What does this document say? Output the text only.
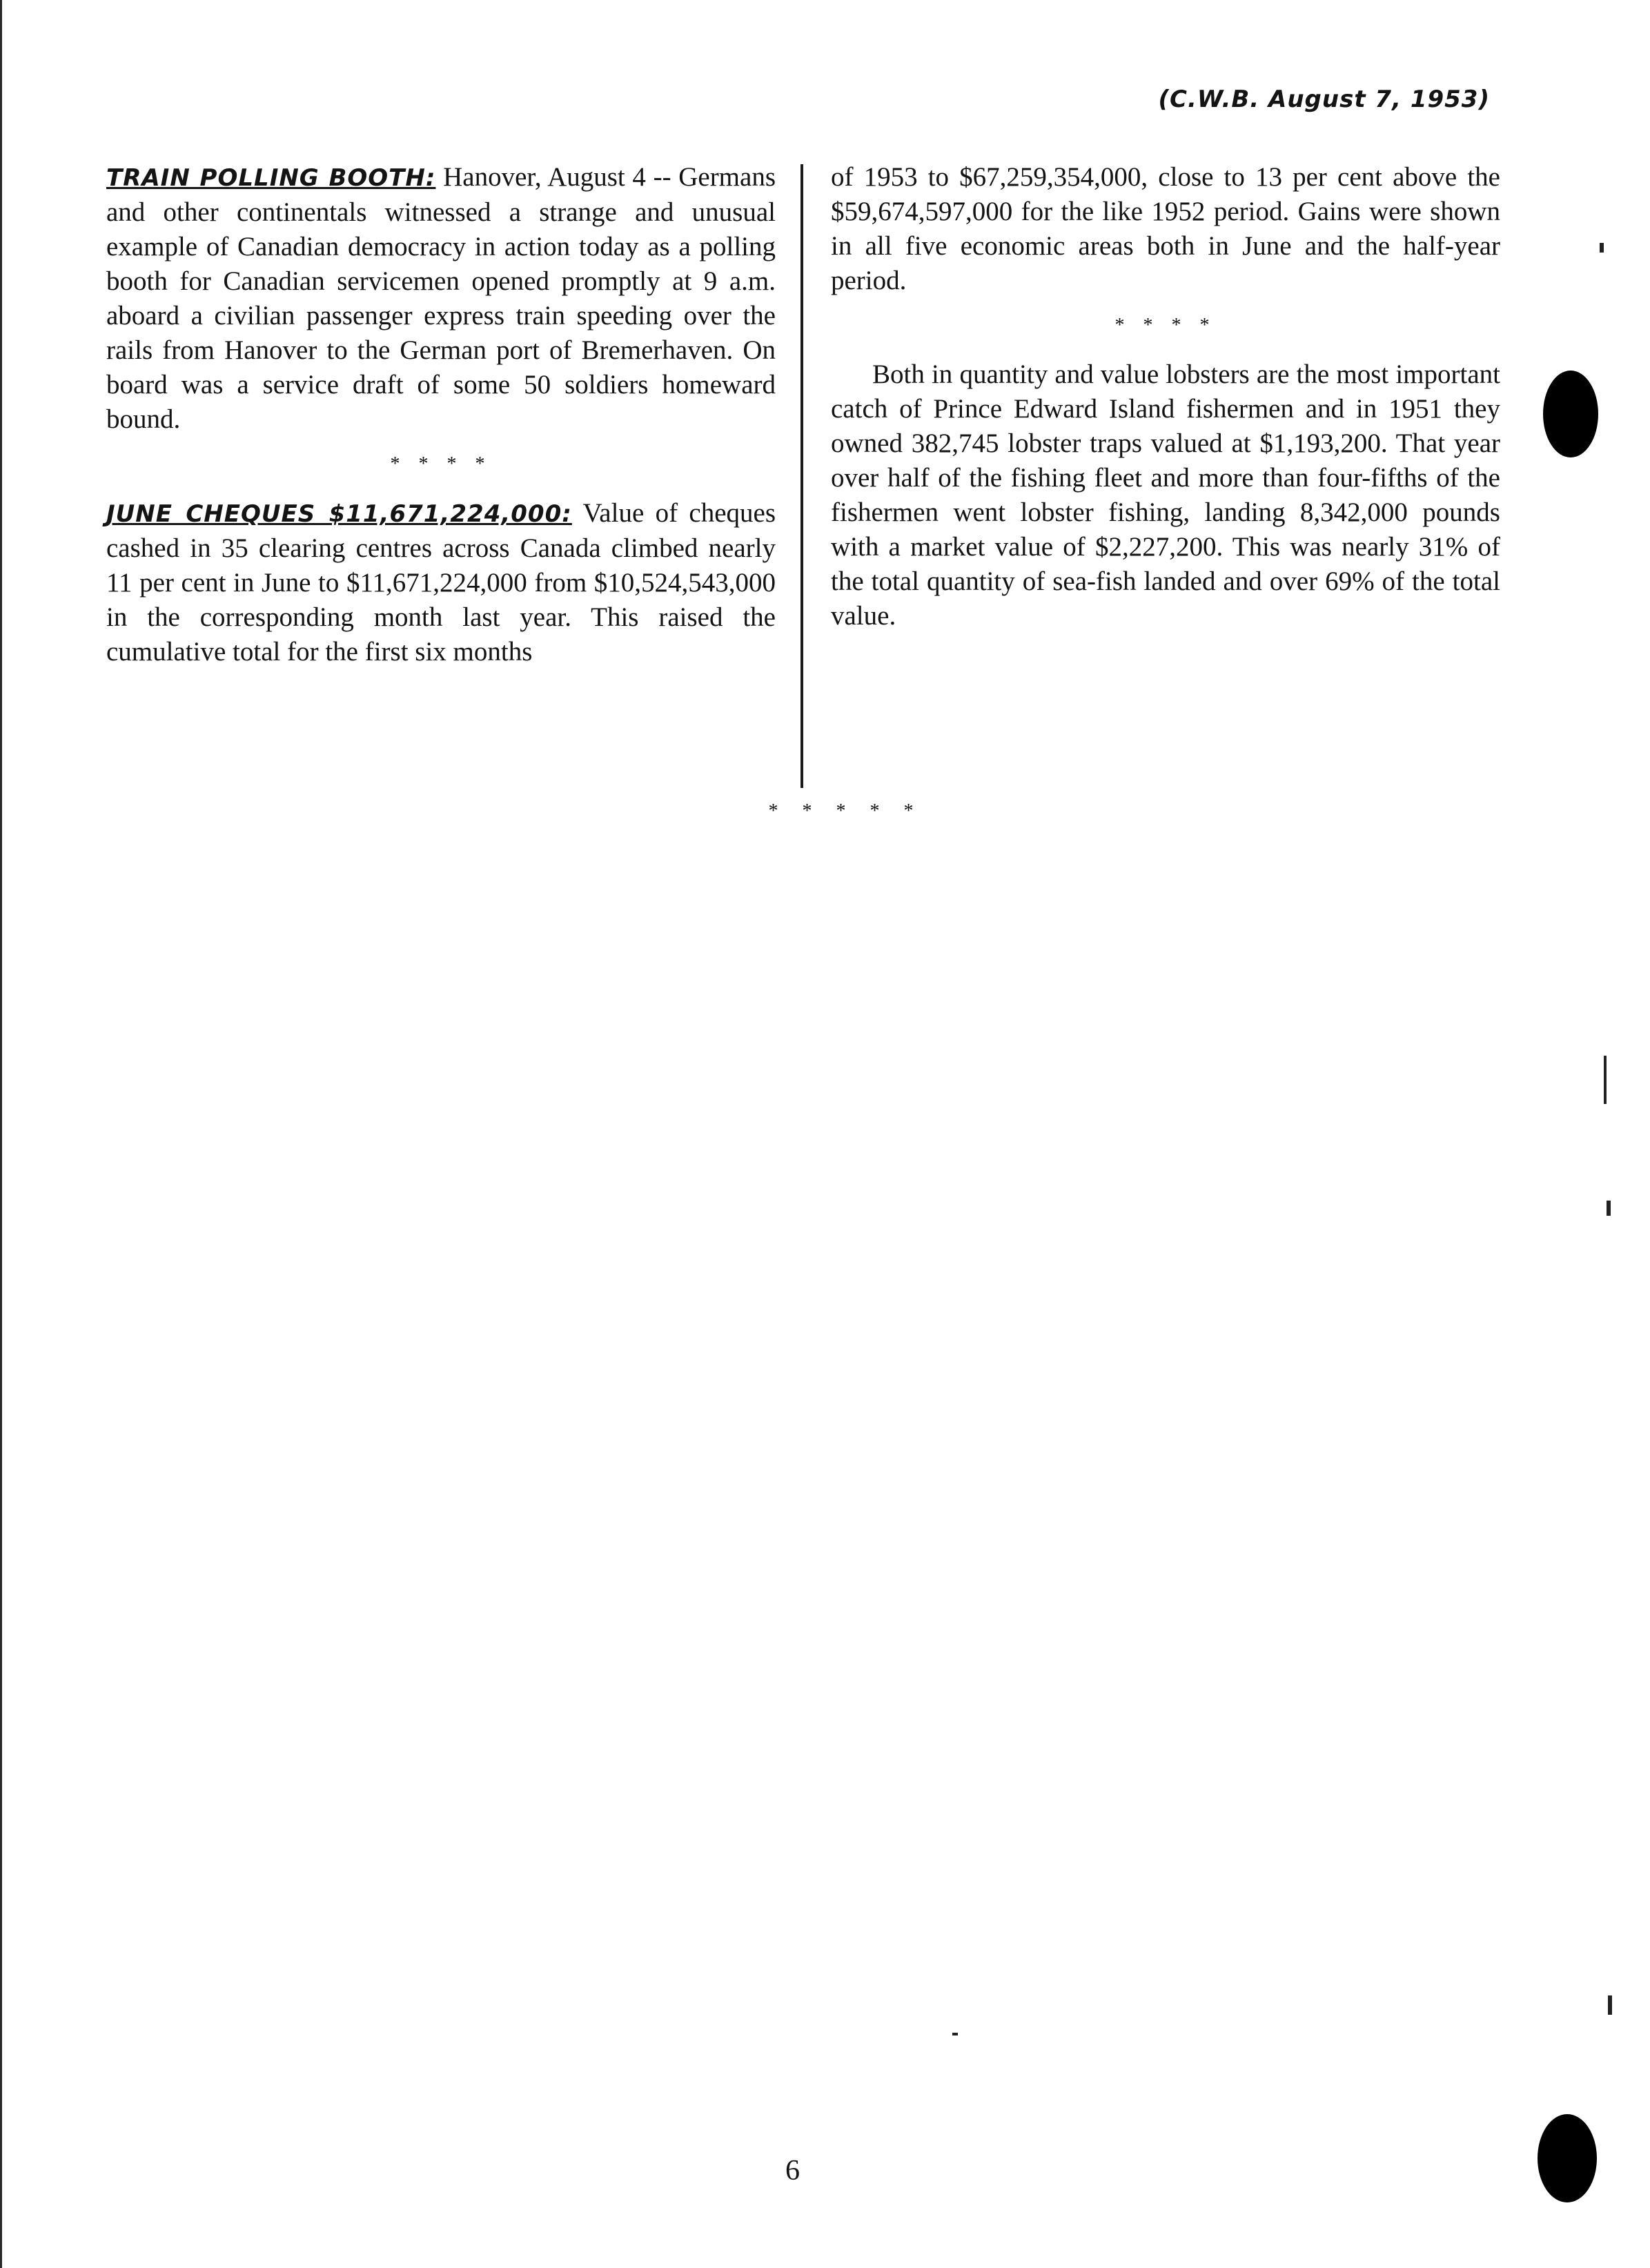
(C.W.B. August 7, 1953)

TRAIN POLLING BOOTH: Hanover, August 4 -- Germans and other continentals witnessed a strange and unusual example of Canadian democracy in action today as a polling booth for Canadian servicemen opened promptly at 9 a.m. aboard a civilian passenger express train speeding over the rails from Hanover to the German port of Bremerhaven. On board was a service draft of some 50 soldiers homeward bound.

* * * *

JUNE CHEQUES $11,671,224,000: Value of cheques cashed in 35 clearing centres across Canada climbed nearly 11 per cent in June to $11,671,224,000 from $10,524,543,000 in the corresponding month last year. This raised the cumulative total for the first six months

of 1953 to $67,259,354,000, close to 13 per cent above the $59,674,597,000 for the like 1952 period. Gains were shown in all five economic areas both in June and the half-year period.

* * * *

Both in quantity and value lobsters are the most important catch of Prince Edward Island fishermen and in 1951 they owned 382,745 lobster traps valued at $1,193,200. That year over half of the fishing fleet and more than four-fifths of the fishermen went lobster fishing, landing 8,342,000 pounds with a market value of $2,227,200. This was nearly 31% of the total quantity of sea-fish landed and over 69% of the total value.

* * * * *
6
